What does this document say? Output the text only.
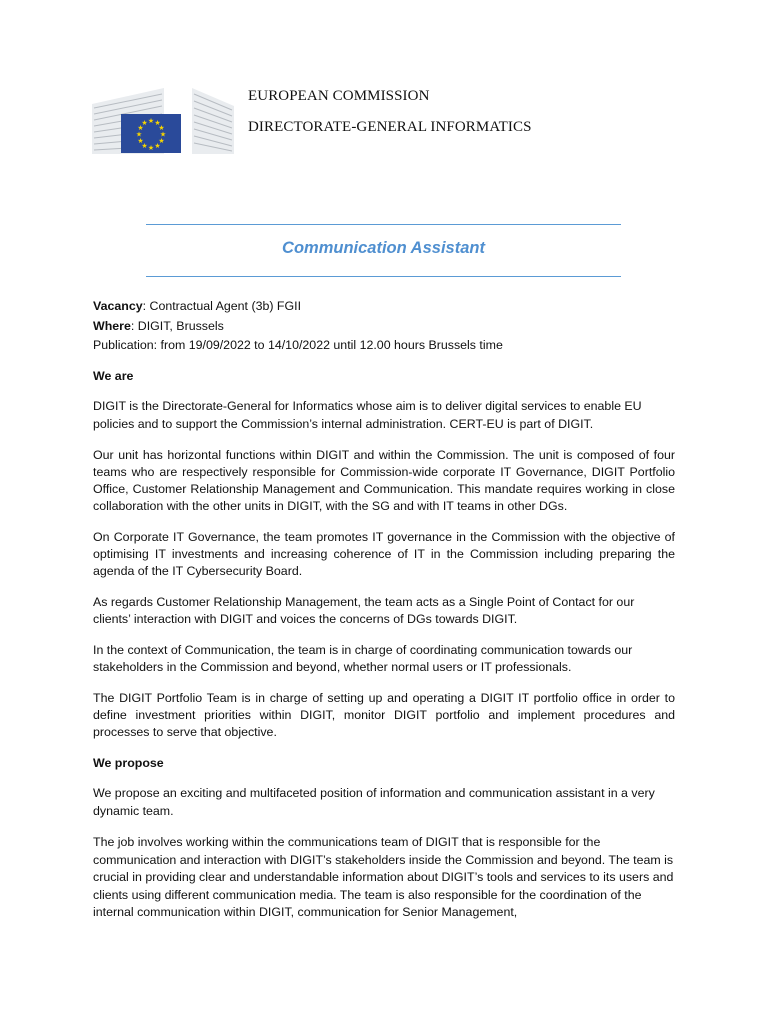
★ ★
★
★
★
★
★
★
★
★
★
★
EUROPEAN COMMISSION
DIRECTORATE-GENERAL INFORMATICS
Communication Assistant

Vacancy: Contractual Agent (3b) FGII

Where: DIGIT, Brussels

Publication: from 19/09/2022 to 14/10/2022 until 12.00 hours Brussels time

We are

DIGIT is the Directorate-General for Informatics whose aim is to deliver digital services to enable EU policies and to support the Commission’s internal administration. CERT-EU is part of DIGIT.

Our unit has horizontal functions within DIGIT and within the Commission. The unit is composed of four teams who are respectively responsible for Commission-wide corporate IT Governance, DIGIT Portfolio Office, Customer Relationship Management and Communication. This mandate requires working in close collaboration with the other units in DIGIT, with the SG and with IT teams in other DGs.

On Corporate IT Governance, the team promotes IT governance in the Commission with the objective of optimising IT investments and increasing coherence of IT in the Commission including preparing the agenda of the IT Cybersecurity Board.

As regards Customer Relationship Management, the team acts as a Single Point of Contact for our clients’ interaction with DIGIT and voices the concerns of DGs towards DIGIT.

In the context of Communication, the team is in charge of coordinating communication towards our stakeholders in the Commission and beyond, whether normal users or IT professionals.

The DIGIT Portfolio Team is in charge of setting up and operating a DIGIT IT portfolio office in order to define investment priorities within DIGIT, monitor DIGIT portfolio and implement procedures and processes to serve that objective.

We propose

We propose an exciting and multifaceted position of information and communication assistant in a very dynamic team.

The job involves working within the communications team of DIGIT that is responsible for the communication and interaction with DIGIT’s stakeholders inside the Commission and beyond. The team is crucial in providing clear and understandable information about DIGIT’s tools and services to its users and clients using different communication media. The team is also responsible for the coordination of the internal communication within DIGIT, communication for Senior Management,
